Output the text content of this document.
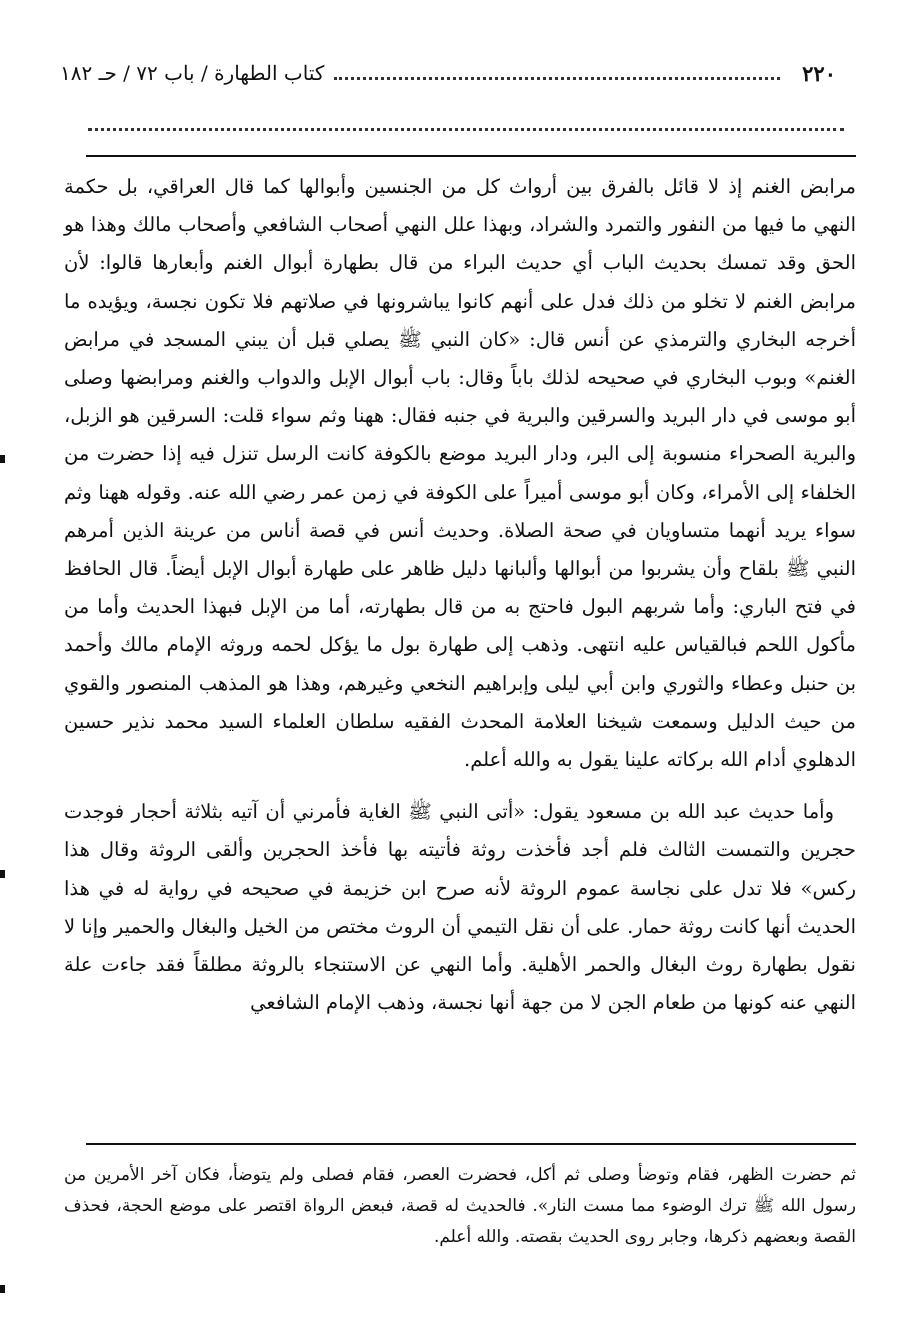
٢٢٠
كتاب الطهارة / باب ٧٢ / حـ ١٨٢

مرابض الغنم إذ لا قائل بالفرق بين أرواث كل من الجنسين وأبوالها كما قال العراقي، بل حكمة النهي ما فيها من النفور والتمرد والشراد، وبهذا علل النهي أصحاب الشافعي وأصحاب مالك وهذا هو الحق وقد تمسك بحديث الباب أي حديث البراء من قال بطهارة أبوال الغنم وأبعارها قالوا: لأن مرابض الغنم لا تخلو من ذلك فدل على أنهم كانوا يباشرونها في صلاتهم فلا تكون نجسة، ويؤيده ما أخرجه البخاري والترمذي عن أنس قال: «كان النبي ﷺ يصلي قبل أن يبني المسجد في مرابض الغنم» وبوب البخاري في صحيحه لذلك باباً وقال: باب أبوال الإبل والدواب والغنم ومرابضها وصلى أبو موسى في دار البريد والسرقين والبرية في جنبه فقال: ههنا وثم سواء قلت: السرقين هو الزبل، والبرية الصحراء منسوبة إلى البر، ودار البريد موضع بالكوفة كانت الرسل تنزل فيه إذا حضرت من الخلفاء إلى الأمراء، وكان أبو موسى أميراً على الكوفة في زمن عمر رضي الله عنه. وقوله ههنا وثم سواء يريد أنهما متساويان في صحة الصلاة. وحديث أنس في قصة أناس من عرينة الذين أمرهم النبي ﷺ بلقاح وأن يشربوا من أبوالها وألبانها دليل ظاهر على طهارة أبوال الإبل أيضاً. قال الحافظ في فتح الباري: وأما شربهم البول فاحتج به من قال بطهارته، أما من الإبل فبهذا الحديث وأما من مأكول اللحم فبالقياس عليه انتهى. وذهب إلى طهارة بول ما يؤكل لحمه وروثه الإمام مالك وأحمد بن حنبل وعطاء والثوري وابن أبي ليلى وإبراهيم النخعي وغيرهم، وهذا هو المذهب المنصور والقوي من حيث الدليل وسمعت شيخنا العلامة المحدث الفقيه سلطان العلماء السيد محمد نذير حسين الدهلوي أدام الله بركاته علينا يقول به والله أعلم.

وأما حديث عبد الله بن مسعود يقول: «أتى النبي ﷺ الغاية فأمرني أن آتيه بثلاثة أحجار فوجدت حجرين والتمست الثالث فلم أجد فأخذت روثة فأتيته بها فأخذ الحجرين وألقى الروثة وقال هذا ركس» فلا تدل على نجاسة عموم الروثة لأنه صرح ابن خزيمة في صحيحه في رواية له في هذا الحديث أنها كانت روثة حمار. على أن نقل التيمي أن الروث مختص من الخيل والبغال والحمير وإنا لا نقول بطهارة روث البغال والحمر الأهلية. وأما النهي عن الاستنجاء بالروثة مطلقاً فقد جاءت علة النهي عنه كونها من طعام الجن لا من جهة أنها نجسة، وذهب الإمام الشافعي

ثم حضرت الظهر، فقام وتوضأ وصلى ثم أكل، فحضرت العصر، فقام فصلى ولم يتوضأ، فكان آخر الأمرين من رسول الله ﷺ ترك الوضوء مما مست النار». فالحديث له قصة، فبعض الرواة اقتصر على موضع الحجة، فحذف القصة وبعضهم ذكرها، وجابر روى الحديث بقصته. والله أعلم.
